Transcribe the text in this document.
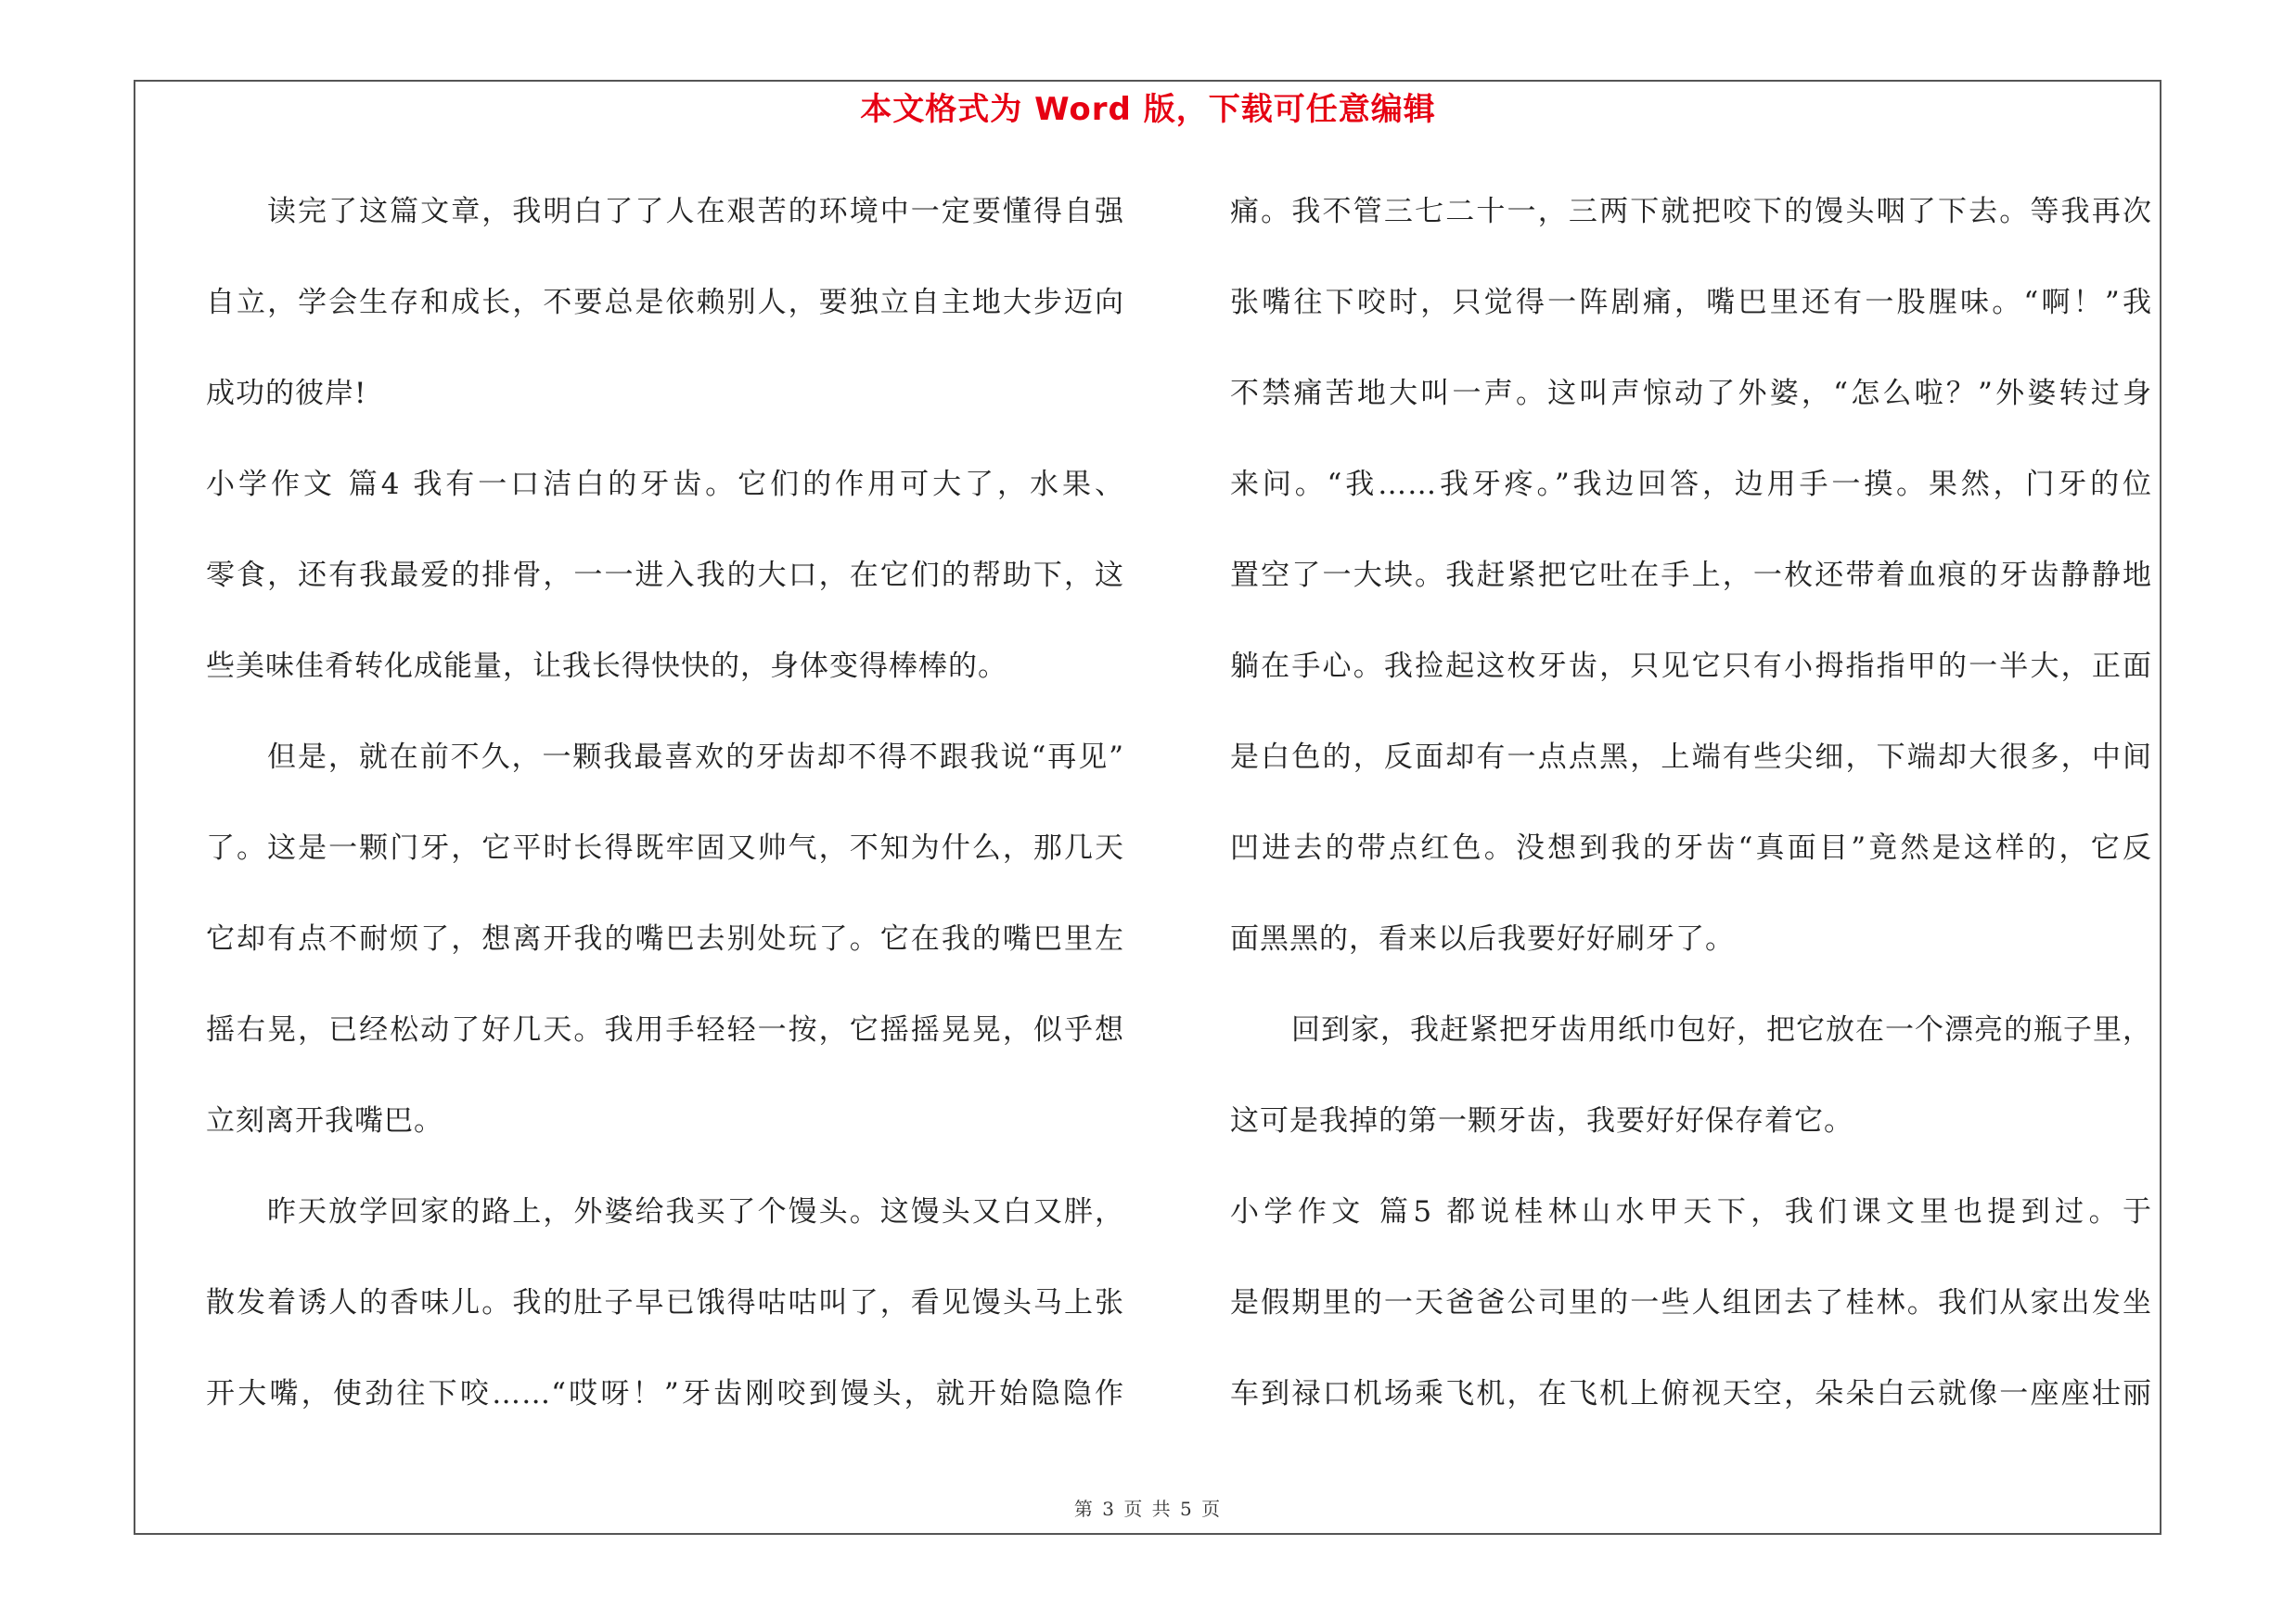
本文格式为 Word 版，下载可任意编辑
读完了这篇文章，我明白了了人在艰苦的环境中一定要懂得自强
自立，学会生存和成长，不要总是依赖别人，要独立自主地大步迈向
成功的彼岸!
小学作文 篇4 我有一口洁白的牙齿。它们的作用可大了，水果、
零食，还有我最爱的排骨，一一进入我的大口，在它们的帮助下，这
些美味佳肴转化成能量，让我长得快快的，身体变得棒棒的。
但是，就在前不久，一颗我最喜欢的牙齿却不得不跟我说“再见”
了。这是一颗门牙，它平时长得既牢固又帅气，不知为什么，那几天
它却有点不耐烦了，想离开我的嘴巴去别处玩了。它在我的嘴巴里左
摇右晃，已经松动了好几天。我用手轻轻一按，它摇摇晃晃，似乎想
立刻离开我嘴巴。
昨天放学回家的路上，外婆给我买了个馒头。这馒头又白又胖，
散发着诱人的香味儿。我的肚子早已饿得咕咕叫了，看见馒头马上张
开大嘴，使劲往下咬……“哎呀！”牙齿刚咬到馒头，就开始隐隐作
痛。我不管三七二十一，三两下就把咬下的馒头咽了下去。等我再次
张嘴往下咬时，只觉得一阵剧痛，嘴巴里还有一股腥味。“啊！”我
不禁痛苦地大叫一声。这叫声惊动了外婆，“怎么啦？”外婆转过身
来问。“我……我牙疼。”我边回答，边用手一摸。果然，门牙的位
置空了一大块。我赶紧把它吐在手上，一枚还带着血痕的牙齿静静地
躺在手心。我捡起这枚牙齿，只见它只有小拇指指甲的一半大，正面
是白色的，反面却有一点点黑，上端有些尖细，下端却大很多，中间
凹进去的带点红色。没想到我的牙齿“真面目”竟然是这样的，它反
面黑黑的，看来以后我要好好刷牙了。
回到家，我赶紧把牙齿用纸巾包好，把它放在一个漂亮的瓶子里，
这可是我掉的第一颗牙齿，我要好好保存着它。
小学作文 篇5 都说桂林山水甲天下，我们课文里也提到过。于
是假期里的一天爸爸公司里的一些人组团去了桂林。我们从家出发坐
车到禄口机场乘飞机，在飞机上俯视天空，朵朵白云就像一座座壮丽
第 3 页 共 5 页
